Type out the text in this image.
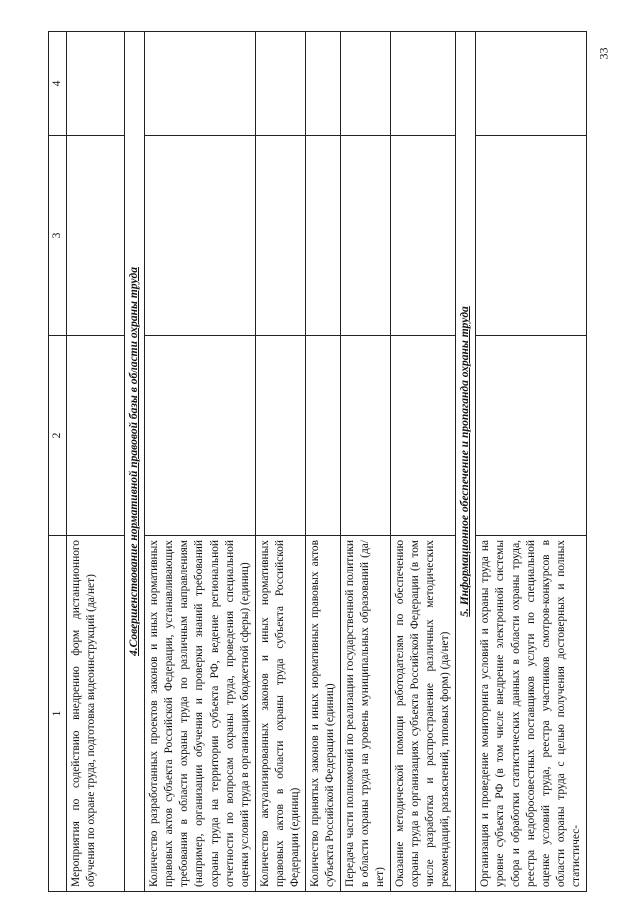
33
1	2	3	4
Мероприятия по содействию внедрению форм дистанционного обучения по охране труда, подготовка видеоинструкций (да/нет)			
4.Совершенствование нормативной правовой базы в области охраны труда			
Количество разработанных проектов законов и иных нормативных правовых актов субъекта Российской Федерации, устанавливающих требования в области охраны труда по различным направлениям (например, организации обучения и проверки знаний требований охраны труда на территории субъекта РФ, ведение региональной отчетности по вопросам охраны труда, проведения специальной оценки условий труда в организациях бюджетной сферы) (единиц)			
Количество актуализированных законов и иных нормативных правовых актов в области охраны труда субъекта Российской Федерации (единиц)			
Количество принятых законов и иных нормативных правовых актов субъекта Российской Федерации (единиц)			
Передача части полномочий по реализации государственной политики в области охраны труда на уровень муниципальных образований (да/нет)			
Оказание методической помощи работодателям по обеспечению охраны труда в организациях субъекта Российской Федерации (в том числе разработка и распространение различных методических рекомендаций, разъяснений, типовых форм) (да/нет)			
5. Информационное обеспечение и пропаганда охраны труда			
Организация и проведение мониторинга условий и охраны труда на уровне субъекта РФ (в том числе внедрение электронной системы сбора и обработки статистических данных в области охраны труда, реестра недобросовестных поставщиков услуги по специальной оценке условий труда, реестра участников смотров-конкурсов в области охраны труда с целью получения достоверных и полных статистичес-			
